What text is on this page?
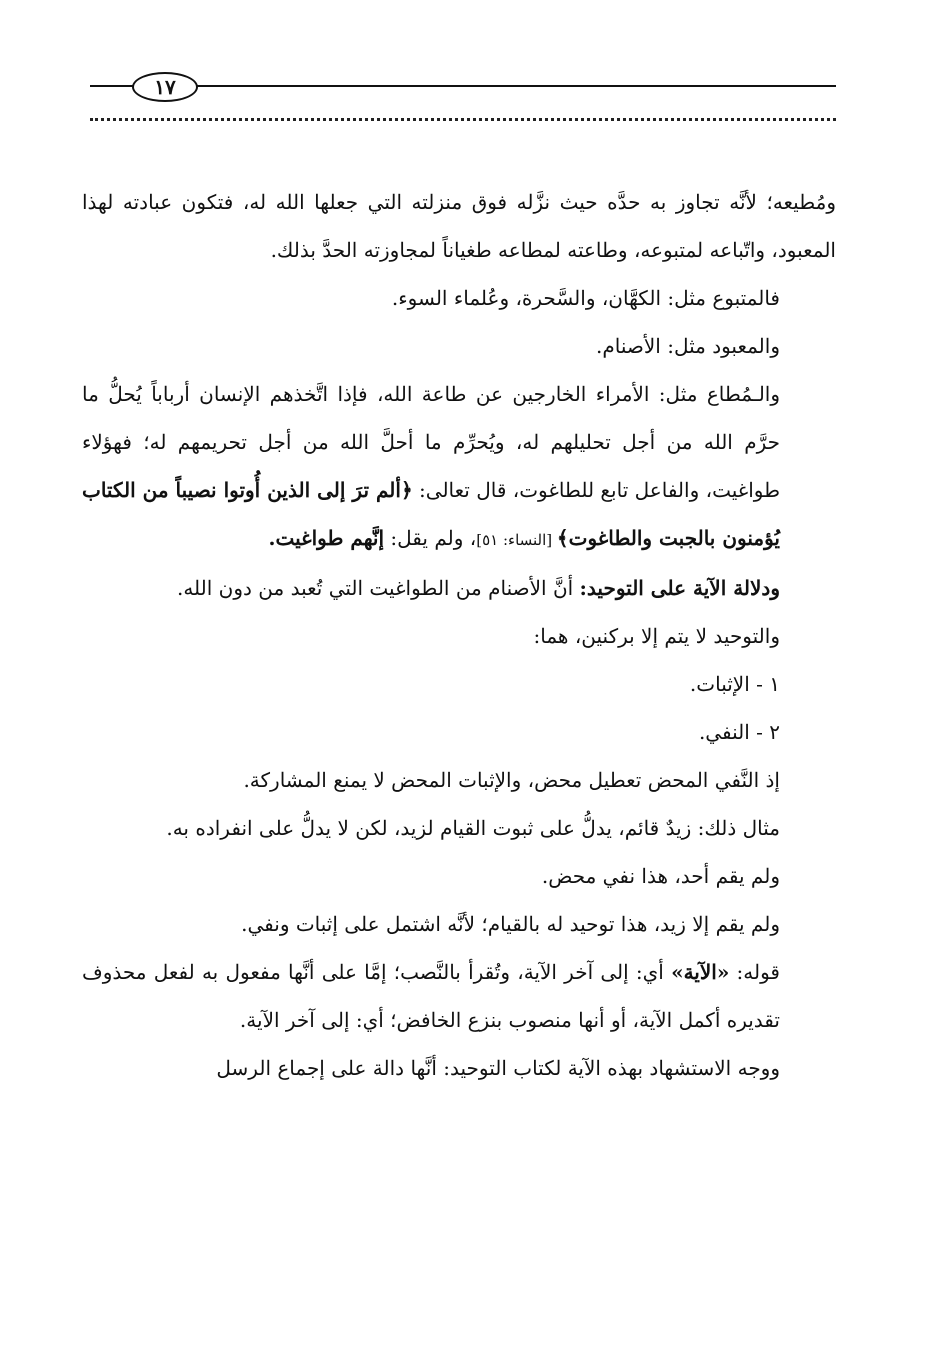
١٧

ومُطيعه؛ لأنَّه تجاوز به حدَّه حيث نزَّله فوق منزلته التي جعلها الله له، فتكون عبادته لهذا المعبود، واتّباعه لمتبوعه، وطاعته لمطاعه طغياناً لمجاوزته الحدَّ بذلك.

فالمتبوع مثل: الكهَّان، والسَّحرة، وعُلماء السوء.

والمعبود مثل: الأصنام.

والـمُطاع مثل: الأمراء الخارجين عن طاعة الله، فإذا اتَّخذهم الإنسان أرباباً يُحلُّ ما حرَّم الله من أجل تحليلهم له، ويُحرِّم ما أحلَّ الله من أجل تحريمهم له؛ فهؤلاء طواغيت، والفاعل تابع للطاغوت، قال تعالى: ﴿ألم ترَ إلى الذين أُوتوا نصيباً من الكتاب يُؤمنون بالجبت والطاغوت﴾ [النساء: ٥١]، ولم يقل: إنَّهم طواغيت.

ودلالة الآية على التوحيد: أنَّ الأصنام من الطواغيت التي تُعبد من دون الله.

والتوحيد لا يتم إلا بركنين، هما:

١ - الإثبات.

٢ - النفي.

إذ النَّفي المحض تعطيل محض، والإثبات المحض لا يمنع المشاركة.

مثال ذلك: زيدٌ قائم، يدلُّ على ثبوت القيام لزيد، لكن لا يدلُّ على انفراده به.

ولم يقم أحد، هذا نفي محض.

ولم يقم إلا زيد، هذا توحيد له بالقيام؛ لأنَّه اشتمل على إثبات ونفي.

قوله: «الآية» أي: إلى آخر الآية، وتُقرأ بالنَّصب؛ إمَّا على أنَّها مفعول به لفعل محذوف تقديره أكمل الآية، أو أنها منصوب بنزع الخافض؛ أي: إلى آخر الآية.

ووجه الاستشهاد بهذه الآية لكتاب التوحيد: أنَّها دالة على إجماع الرسل
